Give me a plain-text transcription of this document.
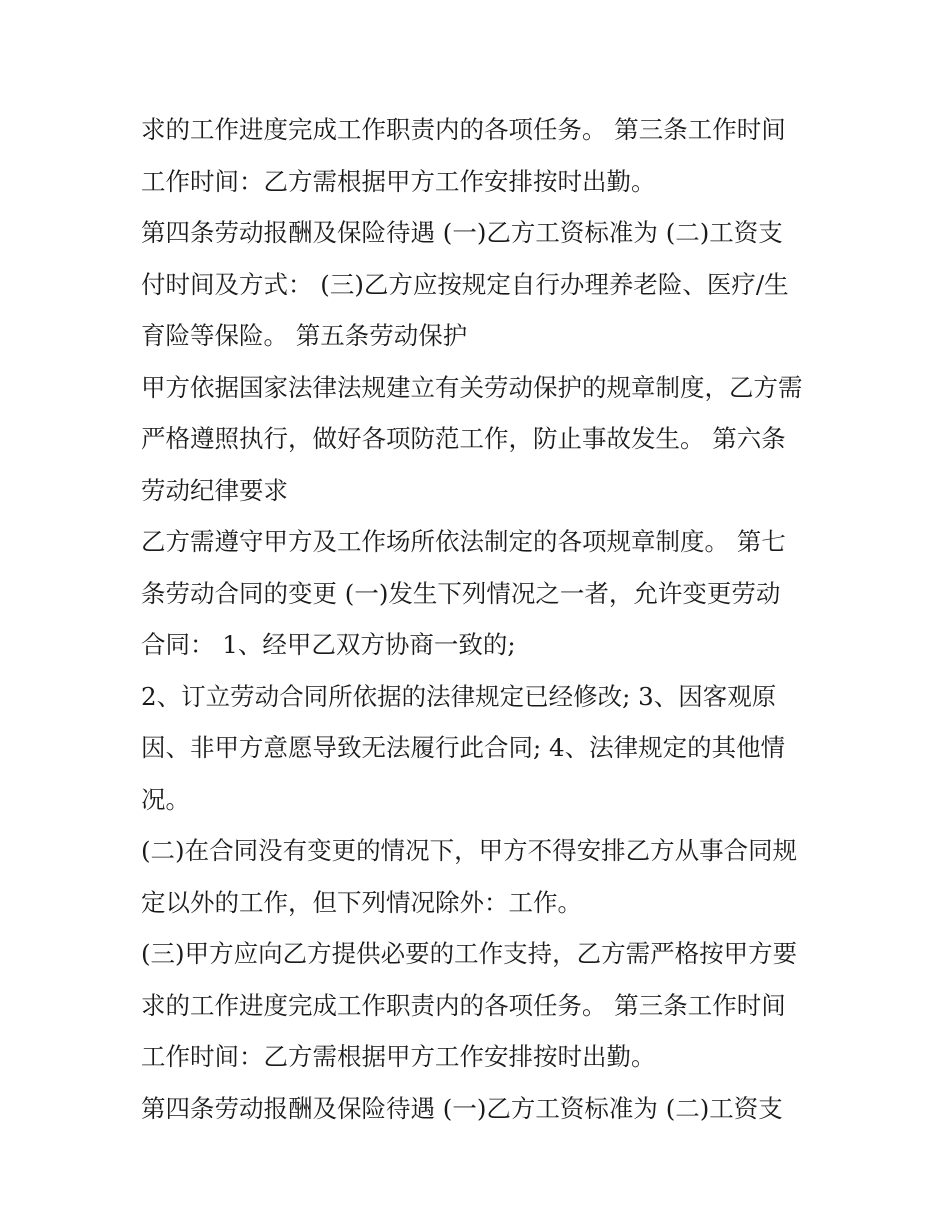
求的工作进度完成工作职责内的各项任务。 第三条工作时间
工作时间：乙方需根据甲方工作安排按时出勤。
第四条劳动报酬及保险待遇 (一)乙方工资标准为 (二)工资支
付时间及方式： (三)乙方应按规定自行办理养老险、医疗/生
育险等保险。 第五条劳动保护
甲方依据国家法律法规建立有关劳动保护的规章制度，乙方需
严格遵照执行，做好各项防范工作，防止事故发生。 第六条
劳动纪律要求
乙方需遵守甲方及工作场所依法制定的各项规章制度。 第七
条劳动合同的变更 (一)发生下列情况之一者，允许变更劳动
合同： 1、经甲乙双方协商一致的;
2、订立劳动合同所依据的法律规定已经修改; 3、因客观原
因、非甲方意愿导致无法履行此合同; 4、法律规定的其他情
况。
(二)在合同没有变更的情况下，甲方不得安排乙方从事合同规
定以外的工作，但下列情况除外：工作。
(三)甲方应向乙方提供必要的工作支持，乙方需严格按甲方要
求的工作进度完成工作职责内的各项任务。 第三条工作时间
工作时间：乙方需根据甲方工作安排按时出勤。
第四条劳动报酬及保险待遇 (一)乙方工资标准为 (二)工资支
